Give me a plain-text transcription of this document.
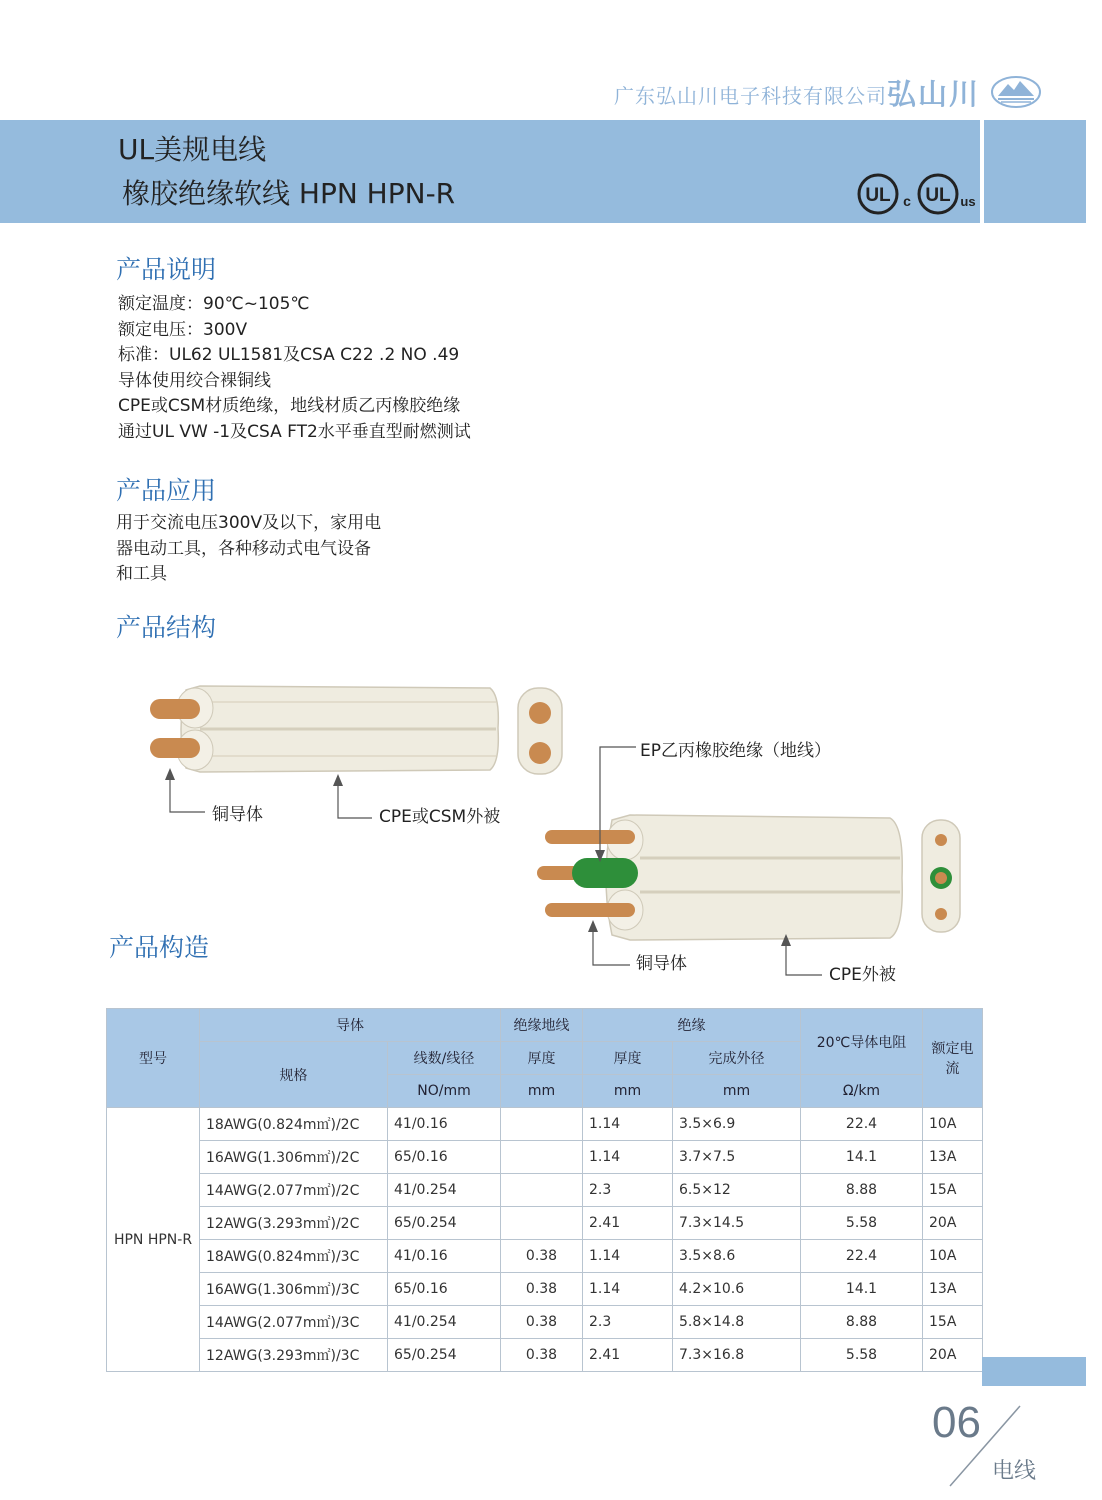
广东弘山川电子科技有限公司 弘山川
UL美规电线
橡胶绝缘软线 HPN HPN-R	UL c UL us
产品说明
额定温度：90℃~105℃
额定电压：300V
标准：UL62 UL1581及CSA C22 .2 NO .49
导体使用绞合裸铜线
CPE或CSM材质绝缘，地线材质乙丙橡胶绝缘
通过UL VW -1及CSA FT2水平垂直型耐燃测试
产品应用
用于交流电压300V及以下，家用电
器电动工具，各种移动式电气设备
和工具
产品结构
铜导体	CPE或CSM外被
EP乙丙橡胶绝缘（地线）
铜导体
CPE外被
产品构造
型号	导体		绝缘地线	绝缘		20℃导体电阻	额定电流
	规格	线数/线径	厚度	厚度	完成外径		
		NO/mm	mm	mm	mm	Ω/km	
HPN HPN-R	18AWG(0.824m㎡)/2C	41/0.16		1.14	3.5×6.9	22.4	10A
	16AWG(1.306m㎡)/2C	65/0.16		1.14	3.7×7.5	14.1	13A
	14AWG(2.077m㎡)/2C	41/0.254		2.3	6.5×12	8.88	15A
	12AWG(3.293m㎡)/2C	65/0.254		2.41	7.3×14.5	5.58	20A
	18AWG(0.824m㎡)/3C	41/0.16	0.38	1.14	3.5×8.6	22.4	10A
	16AWG(1.306m㎡)/3C	65/0.16	0.38	1.14	4.2×10.6	14.1	13A
	14AWG(2.077m㎡)/3C	41/0.254	0.38	2.3	5.8×14.8	8.88	15A
	12AWG(3.293m㎡)/3C	65/0.254	0.38	2.41	7.3×16.8	5.58	20A
06
电线
